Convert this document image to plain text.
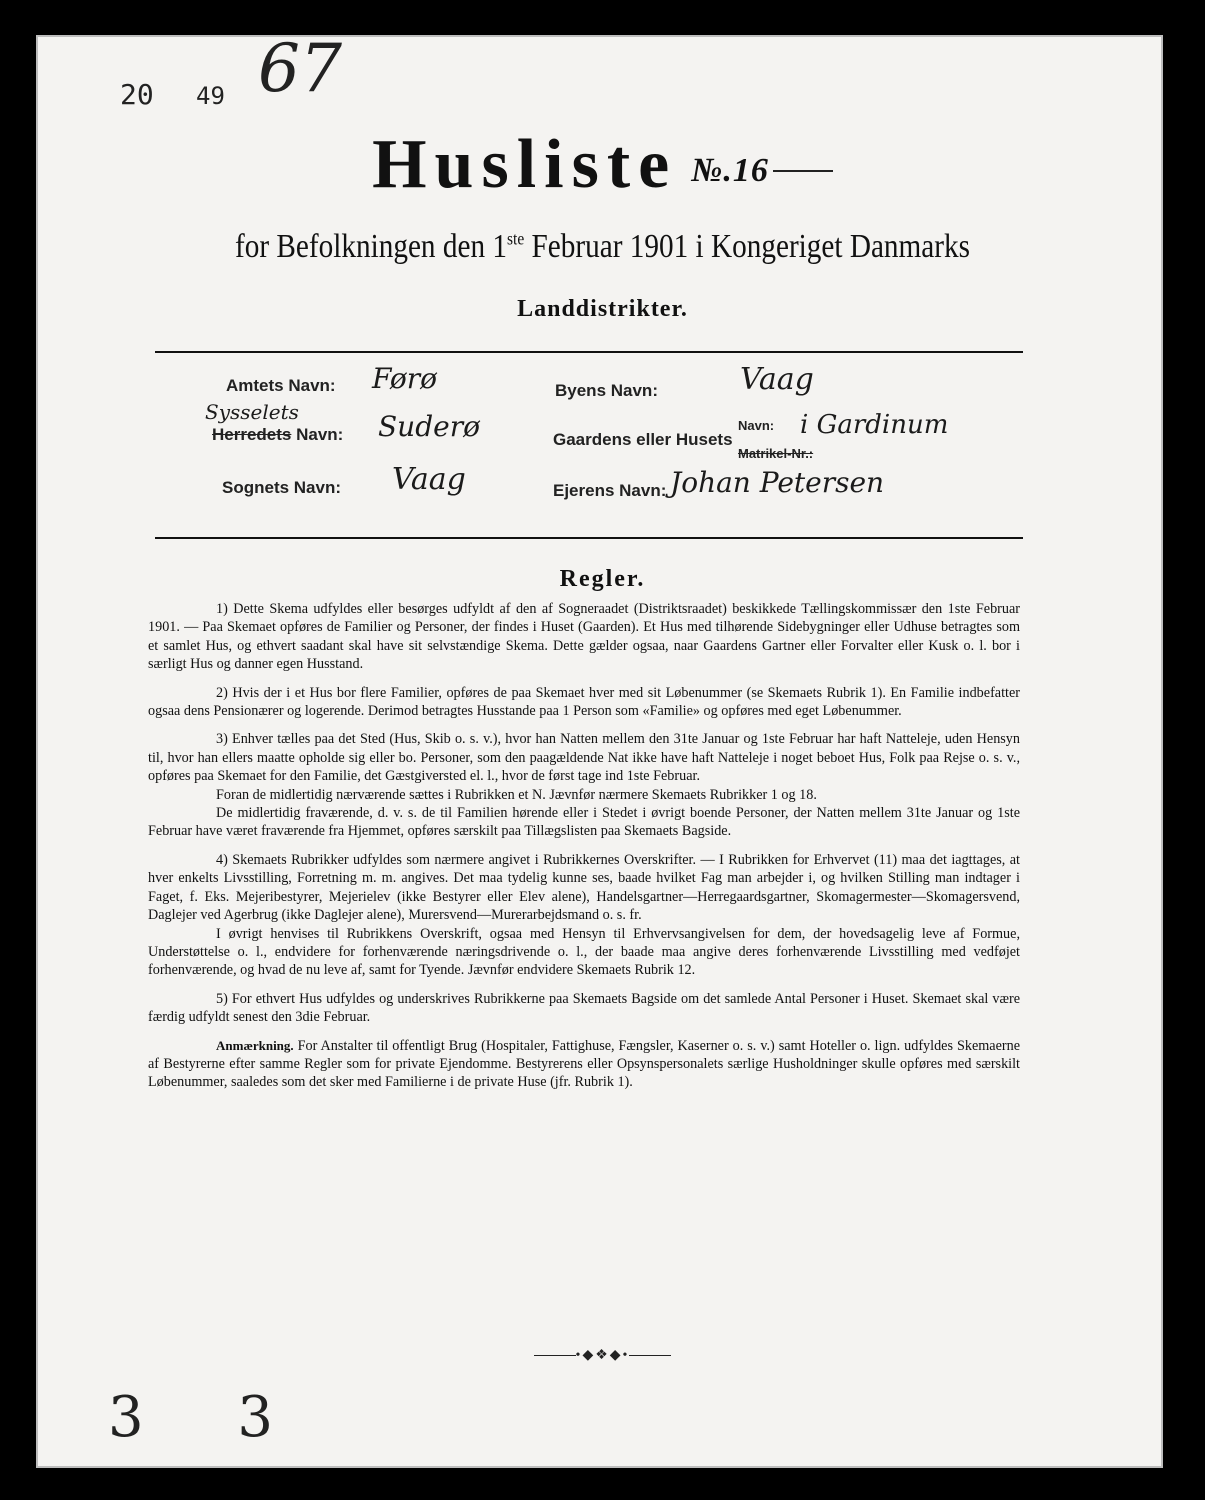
20 49 67
Husliste №.16
for Befolkningen den 1ste Februar 1901 i Kongeriget Danmarks
Landdistrikter.
Amtets Navn: Førø
Sysselets
Herredets Navn: Suderø
Sognets Navn: Vaag
Byens Navn:	Vaag
Gaardens eller Husets
Navn: i Gardinum
Matrikel-Nr.:
Ejerens Navn: Johan Petersen
Regler.

1) Dette Skema udfyldes eller besørges udfyldt af den af Sogneraadet (Distriktsraadet) beskikkede Tællingskommissær den 1ste Februar 1901. — Paa Skemaet opføres de Familier og Personer, der findes i Huset (Gaarden). Et Hus med tilhørende Sidebygninger eller Udhuse betragtes som et samlet Hus, og ethvert saadant skal have sit selvstændige Skema. Dette gælder ogsaa, naar Gaardens Gartner eller Forvalter eller Kusk o. l. bor i særligt Hus og danner egen Husstand.

2) Hvis der i et Hus bor flere Familier, opføres de paa Skemaet hver med sit Løbenummer (se Skemaets Rubrik 1). En Familie indbefatter ogsaa dens Pensionærer og logerende. Derimod betragtes Husstande paa 1 Person som «Familie» og opføres med eget Løbenummer.

3) Enhver tælles paa det Sted (Hus, Skib o. s. v.), hvor han Natten mellem den 31te Januar og 1ste Februar har haft Natteleje, uden Hensyn til, hvor han ellers maatte opholde sig eller bo. Personer, som den paagældende Nat ikke have haft Natteleje i noget beboet Hus, Folk paa Rejse o. s. v., opføres paa Skemaet for den Familie, det Gæstgiversted el. l., hvor de først tage ind 1ste Februar.

Foran de midlertidig nærværende sættes i Rubrikken et N. Jævnfør nærmere Skemaets Rubrikker 1 og 18.

De midlertidig fraværende, d. v. s. de til Familien hørende eller i Stedet i øvrigt boende Personer, der Natten mellem 31te Januar og 1ste Februar have været fraværende fra Hjemmet, opføres særskilt paa Tillægslisten paa Skemaets Bagside.

4) Skemaets Rubrikker udfyldes som nærmere angivet i Rubrikkernes Overskrifter. — I Rubrikken for Erhvervet (11) maa det iagttages, at hver enkelts Livsstilling, Forretning m. m. angives. Det maa tydelig kunne ses, baade hvilket Fag man arbejder i, og hvilken Stilling man indtager i Faget, f. Eks. Mejeribestyrer, Mejerielev (ikke Bestyrer eller Elev alene), Handelsgartner—Herregaardsgartner, Skomagermester—Skomagersvend, Daglejer ved Agerbrug (ikke Daglejer alene), Murersvend—Murerarbejdsmand o. s. fr.

I øvrigt henvises til Rubrikkens Overskrift, ogsaa med Hensyn til Erhvervsangivelsen for dem, der hovedsagelig leve af Formue, Understøttelse o. l., endvidere for forhenværende næringsdrivende o. l., der baade maa angive deres forhenværende Livsstilling med vedføjet forhenværende, og hvad de nu leve af, samt for Tyende. Jævnfør endvidere Skemaets Rubrik 12.

5) For ethvert Hus udfyldes og underskrives Rubrikkerne paa Skemaets Bagside om det samlede Antal Personer i Huset. Skemaet skal være færdig udfyldt senest den 3die Februar.

Anmærkning. For Anstalter til offentligt Brug (Hospitaler, Fattighuse, Fængsler, Kaserner o. s. v.) samt Hoteller o. lign. udfyldes Skemaerne af Bestyrerne efter samme Regler som for private Ejendomme. Bestyrerens eller Opsynspersonalets særlige Husholdninger skulle opføres med særskilt Løbenummer, saaledes som det sker med Familierne i de private Huse (jfr. Rubrik 1).

•◆❖◆•
3 3
